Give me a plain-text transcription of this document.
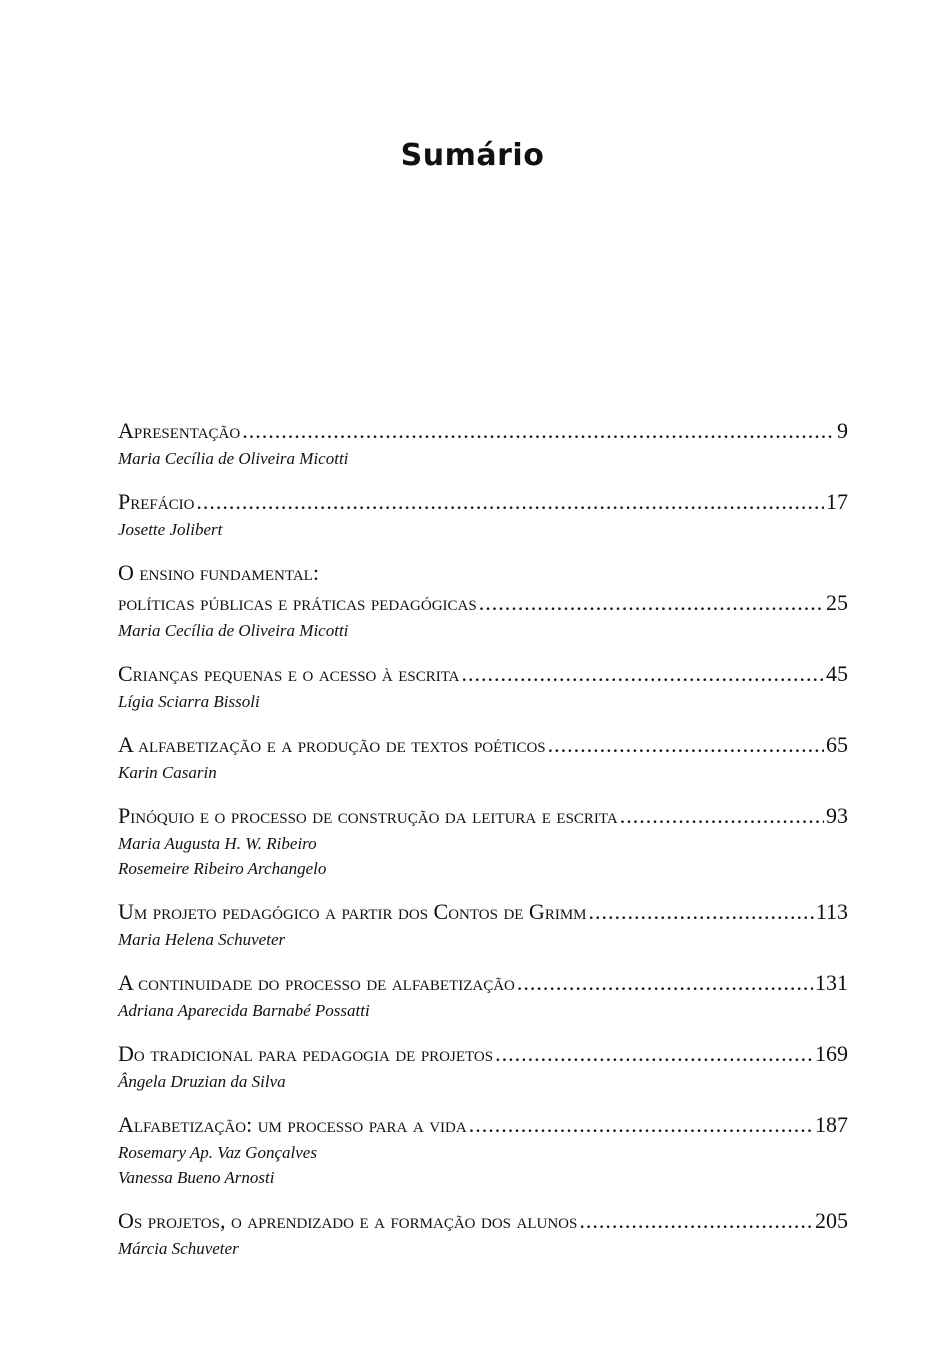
Sumário
Apresentação .....	9
Maria Cecília de Oliveira Micotti
Prefácio .....	17
Josette Jolibert
O ensino fundamental:
políticas públicas e práticas pedagógicas .....	25
Maria Cecília de Oliveira Micotti
Crianças pequenas e o acesso à escrita .....	45
Lígia Sciarra Bissoli
A alfabetização e a produção de textos poéticos .....	65
Karin Casarin
Pinóquio e o processo de construção da leitura e escrita .....	93
Maria Augusta H. W. Ribeiro
Rosemeire Ribeiro Archangelo
Um projeto pedagógico a partir dos Contos de Grimm .....	113
Maria Helena Schuveter
A continuidade do processo de alfabetização .....	131
Adriana Aparecida Barnabé Possatti
Do tradicional para pedagogia de projetos .....	169
Ângela Druzian da Silva
Alfabetização: um processo para a vida .....	187
Rosemary Ap. Vaz Gonçalves
Vanessa Bueno Arnosti
Os projetos, o aprendizado e a formação dos alunos .....	205
Márcia Schuveter
